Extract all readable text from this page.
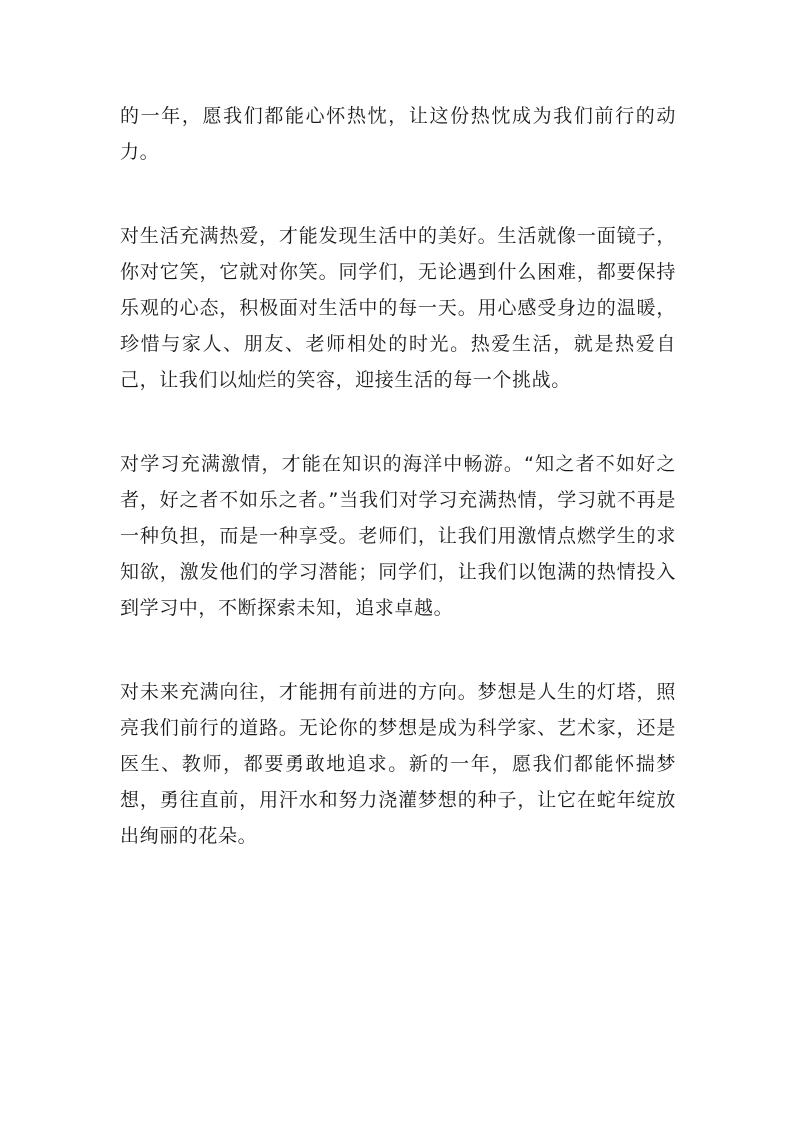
的一年，愿我们都能心怀热忱，让这份热忱成为我们前行的动力。

对生活充满热爱，才能发现生活中的美好。生活就像一面镜子，你对它笑，它就对你笑。同学们，无论遇到什么困难，都要保持乐观的心态，积极面对生活中的每一天。用心感受身边的温暖，珍惜与家人、朋友、老师相处的时光。热爱生活，就是热爱自己，让我们以灿烂的笑容，迎接生活的每一个挑战。

对学习充满激情，才能在知识的海洋中畅游。“知之者不如好之者，好之者不如乐之者。”当我们对学习充满热情，学习就不再是一种负担，而是一种享受。老师们，让我们用激情点燃学生的求知欲，激发他们的学习潜能；同学们，让我们以饱满的热情投入到学习中，不断探索未知，追求卓越。

对未来充满向往，才能拥有前进的方向。梦想是人生的灯塔，照亮我们前行的道路。无论你的梦想是成为科学家、艺术家，还是医生、教师，都要勇敢地追求。新的一年，愿我们都能怀揣梦想，勇往直前，用汗水和努力浇灌梦想的种子，让它在蛇年绽放出绚丽的花朵。
